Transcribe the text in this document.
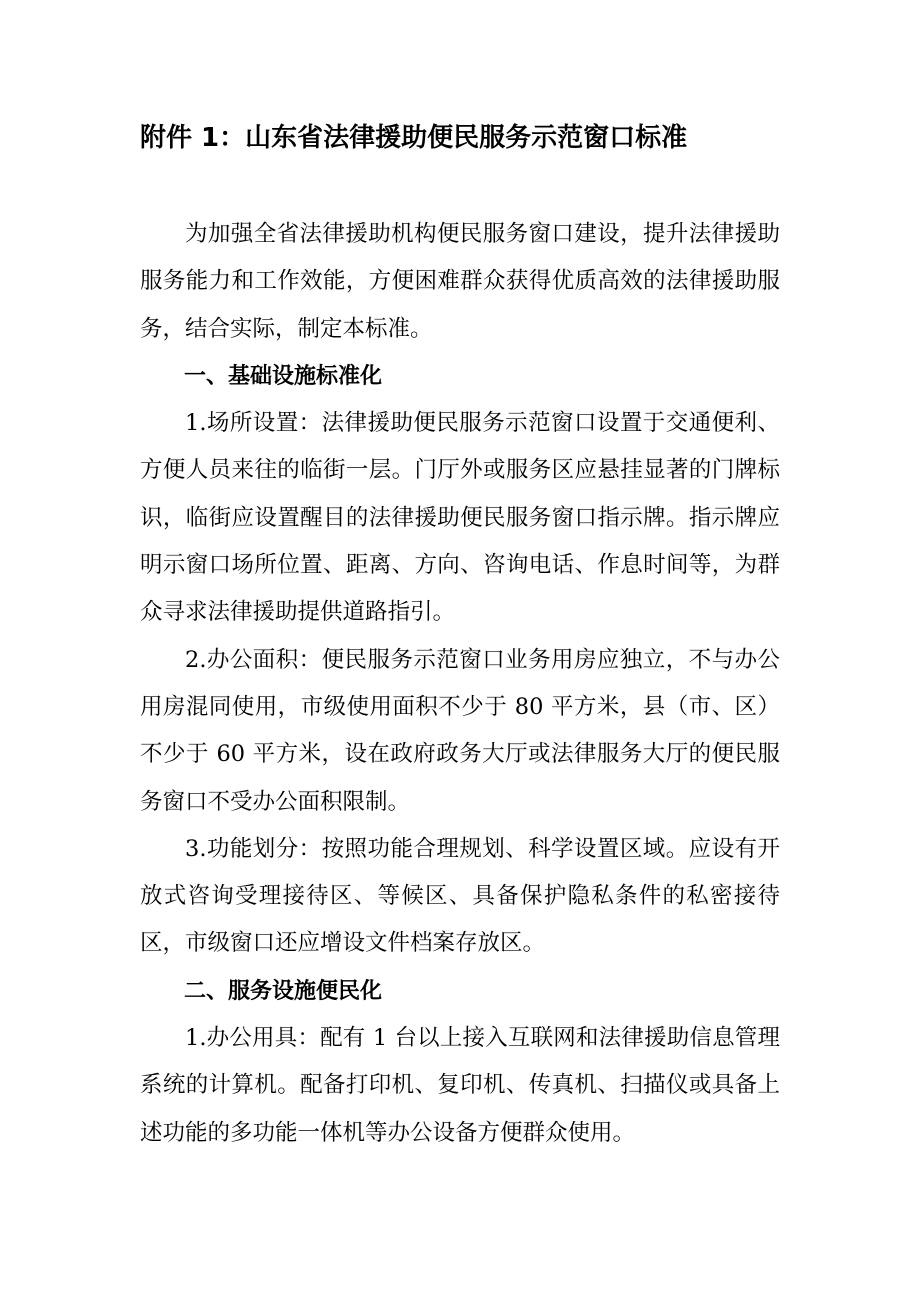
附件 1：山东省法律援助便民服务示范窗口标准

为加强全省法律援助机构便民服务窗口建设，提升法律援助服务能力和工作效能，方便困难群众获得优质高效的法律援助服务，结合实际，制定本标准。

一、基础设施标准化

1.场所设置：法律援助便民服务示范窗口设置于交通便利、方便人员来往的临街一层。门厅外或服务区应悬挂显著的门牌标识，临街应设置醒目的法律援助便民服务窗口指示牌。指示牌应明示窗口场所位置、距离、方向、咨询电话、作息时间等，为群众寻求法律援助提供道路指引。

2.办公面积：便民服务示范窗口业务用房应独立，不与办公用房混同使用，市级使用面积不少于 80 平方米，县（市、区）不少于 60 平方米，设在政府政务大厅或法律服务大厅的便民服务窗口不受办公面积限制。

3.功能划分：按照功能合理规划、科学设置区域。应设有开放式咨询受理接待区、等候区、具备保护隐私条件的私密接待区，市级窗口还应增设文件档案存放区。

二、服务设施便民化

1.办公用具：配有 1 台以上接入互联网和法律援助信息管理系统的计算机。配备打印机、复印机、传真机、扫描仪或具备上述功能的多功能一体机等办公设备方便群众使用。
